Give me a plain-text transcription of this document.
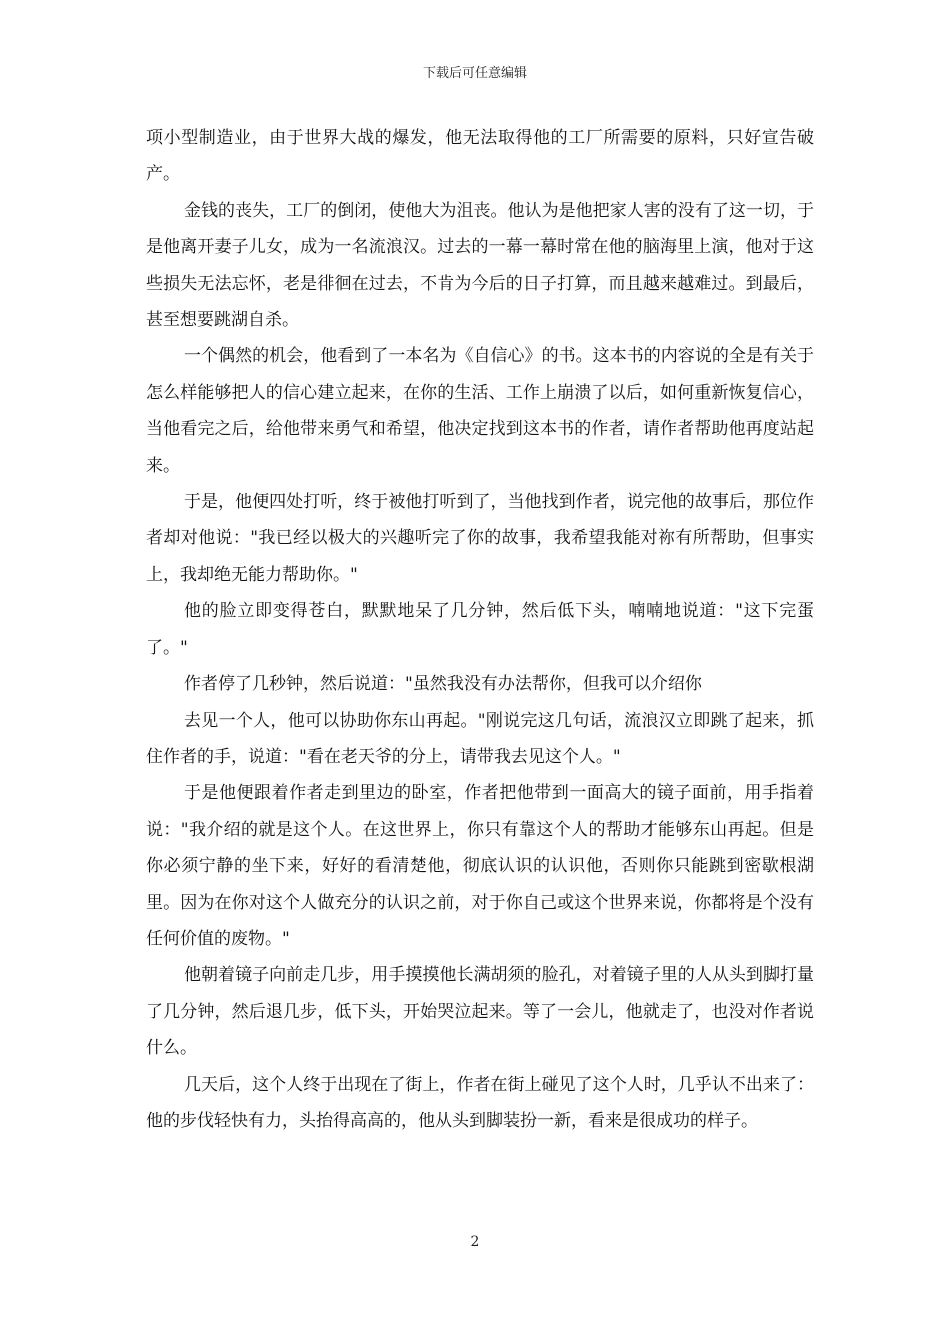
下载后可任意编辑

项小型制造业，由于世界大战的爆发，他无法取得他的工厂所需要的原料，只好宣告破产。

金钱的丧失，工厂的倒闭，使他大为沮丧。他认为是他把家人害的没有了这一切，于是他离开妻子儿女，成为一名流浪汉。过去的一幕一幕时常在他的脑海里上演，他对于这些损失无法忘怀，老是徘徊在过去，不肯为今后的日子打算，而且越来越难过。到最后，甚至想要跳湖自杀。

一个偶然的机会，他看到了一本名为《自信心》的书。这本书的内容说的全是有关于怎么样能够把人的信心建立起来，在你的生活、工作上崩溃了以后，如何重新恢复信心，当他看完之后，给他带来勇气和希望，他决定找到这本书的作者，请作者帮助他再度站起来。

于是，他便四处打听，终于被他打听到了，当他找到作者，说完他的故事后，那位作者却对他说："我已经以极大的兴趣听完了你的故事，我希望我能对祢有所帮助，但事实上，我却绝无能力帮助你。"

他的脸立即变得苍白，默默地呆了几分钟，然后低下头，喃喃地说道："这下完蛋了。"

作者停了几秒钟，然后说道："虽然我没有办法帮你，但我可以介绍你

去见一个人，他可以协助你东山再起。"刚说完这几句话，流浪汉立即跳了起来，抓住作者的手，说道："看在老天爷的分上，请带我去见这个人。"

于是他便跟着作者走到里边的卧室，作者把他带到一面高大的镜子面前，用手指着说："我介绍的就是这个人。在这世界上，你只有靠这个人的帮助才能够东山再起。但是你必须宁静的坐下来，好好的看清楚他，彻底认识的认识他，否则你只能跳到密歇根湖里。因为在你对这个人做充分的认识之前，对于你自己或这个世界来说，你都将是个没有任何价值的废物。"

他朝着镜子向前走几步，用手摸摸他长满胡须的脸孔，对着镜子里的人从头到脚打量了几分钟，然后退几步，低下头，开始哭泣起来。等了一会儿，他就走了，也没对作者说什么。

几天后，这个人终于出现在了街上，作者在街上碰见了这个人时，几乎认不出来了：他的步伐轻快有力，头抬得高高的，他从头到脚装扮一新，看来是很成功的样子。

2
